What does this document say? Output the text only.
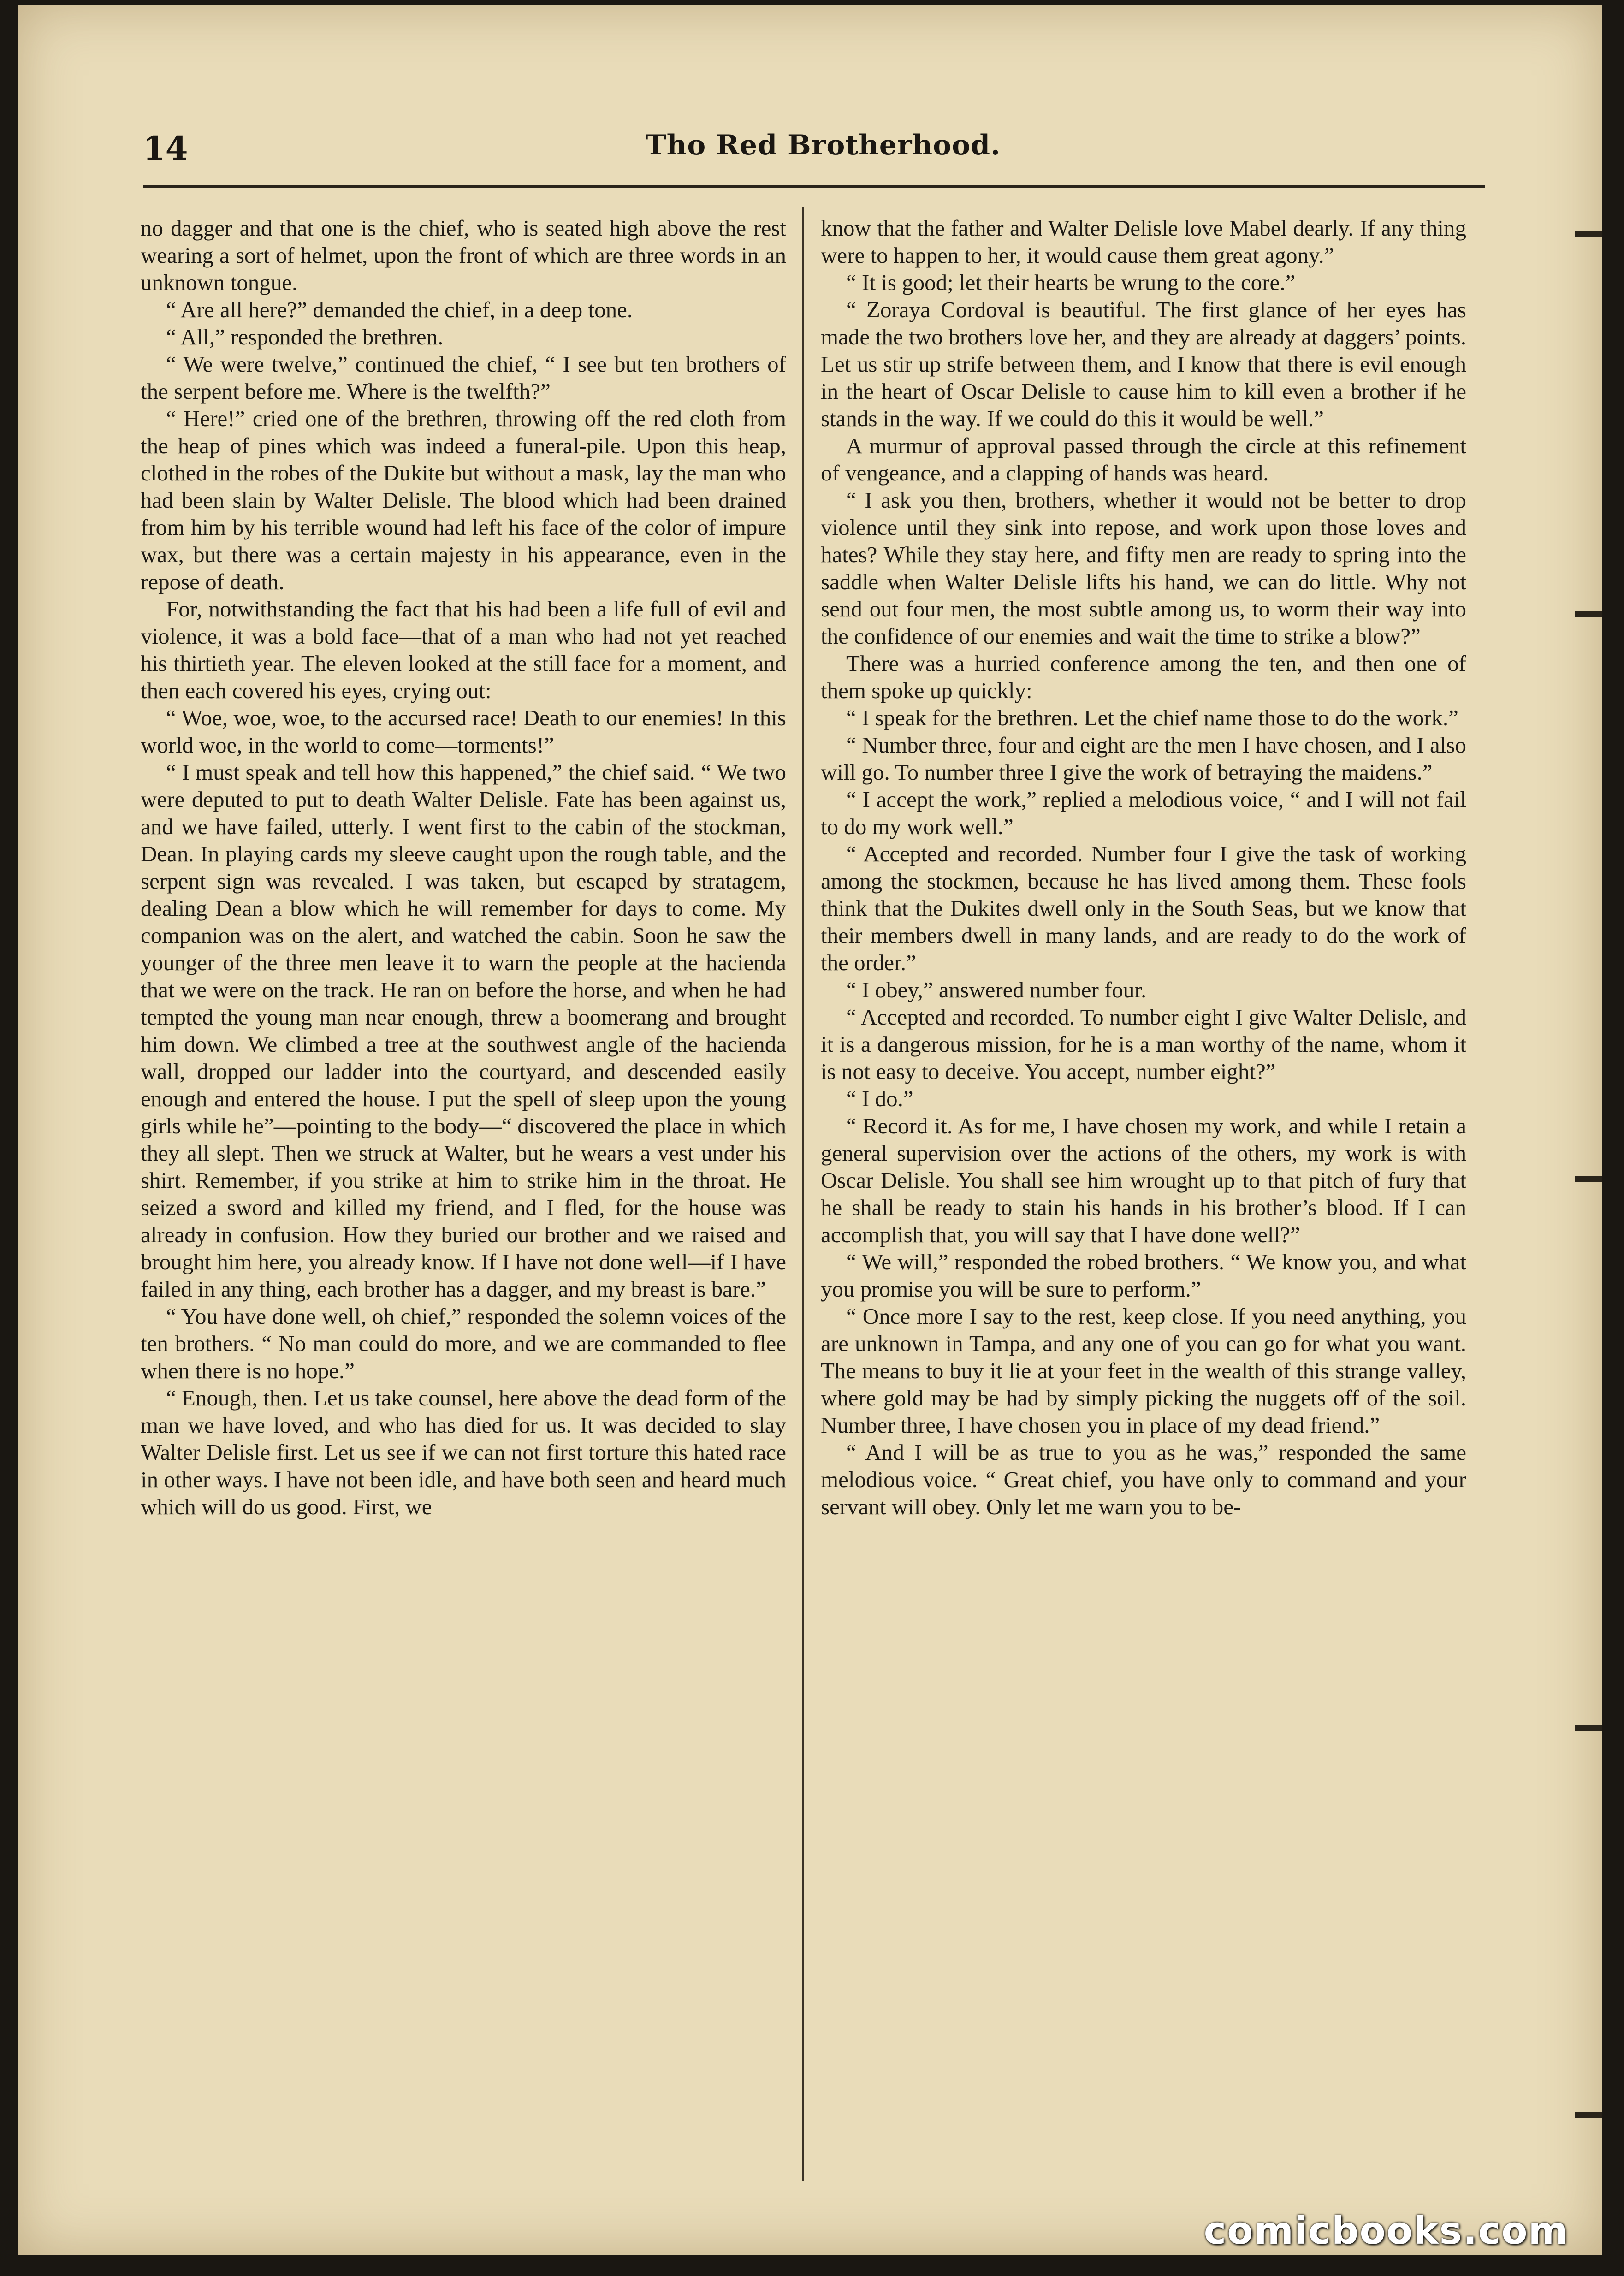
14	Tho Red Brotherhood.

no dagger and that one is the chief, who is seated high above the rest wearing a sort of helmet, upon the front of which are three words in an unknown tongue.

“ Are all here?” demanded the chief, in a deep tone.

“ All,” responded the brethren.

“ We were twelve,” continued the chief, “ I see but ten brothers of the serpent before me. Where is the twelfth?”

“ Here!” cried one of the brethren, throwing off the red cloth from the heap of pines which was indeed a funeral-pile. Upon this heap, clothed in the robes of the Dukite but without a mask, lay the man who had been slain by Walter Delisle. The blood which had been drained from him by his terrible wound had left his face of the color of impure wax, but there was a certain majesty in his appearance, even in the repose of death.

For, notwithstanding the fact that his had been a life full of evil and violence, it was a bold face—that of a man who had not yet reached his thirtieth year. The eleven looked at the still face for a moment, and then each covered his eyes, crying out:

“ Woe, woe, woe, to the accursed race! Death to our enemies! In this world woe, in the world to come—torments!”

“ I must speak and tell how this happened,” the chief said. “ We two were deputed to put to death Walter Delisle. Fate has been against us, and we have failed, utterly. I went first to the cabin of the stockman, Dean. In playing cards my sleeve caught upon the rough table, and the serpent sign was revealed. I was taken, but escaped by stratagem, dealing Dean a blow which he will remember for days to come. My companion was on the alert, and watched the cabin. Soon he saw the younger of the three men leave it to warn the people at the hacienda that we were on the track. He ran on before the horse, and when he had tempted the young man near enough, threw a boomerang and brought him down. We climbed a tree at the southwest angle of the hacienda wall, dropped our ladder into the courtyard, and descended easily enough and entered the house. I put the spell of sleep upon the young girls while he”—pointing to the body—“ discovered the place in which they all slept. Then we struck at Walter, but he wears a vest under his shirt. Remember, if you strike at him to strike him in the throat. He seized a sword and killed my friend, and I fled, for the house was already in confusion. How they buried our brother and we raised and brought him here, you already know. If I have not done well—if I have failed in any thing, each brother has a dagger, and my breast is bare.”

“ You have done well, oh chief,” responded the solemn voices of the ten brothers. “ No man could do more, and we are commanded to flee when there is no hope.”

“ Enough, then. Let us take counsel, here above the dead form of the man we have loved, and who has died for us. It was decided to slay Walter Delisle first. Let us see if we can not first torture this hated race in other ways. I have not been idle, and have both seen and heard much which will do us good. First, we

know that the father and Walter Delisle love Mabel dearly. If any thing were to happen to her, it would cause them great agony.”

“ It is good; let their hearts be wrung to the core.”

“ Zoraya Cordoval is beautiful. The first glance of her eyes has made the two brothers love her, and they are already at daggers’ points. Let us stir up strife between them, and I know that there is evil enough in the heart of Oscar Delisle to cause him to kill even a brother if he stands in the way. If we could do this it would be well.”

A murmur of approval passed through the circle at this refinement of vengeance, and a clapping of hands was heard.

“ I ask you then, brothers, whether it would not be better to drop violence until they sink into repose, and work upon those loves and hates? While they stay here, and fifty men are ready to spring into the saddle when Walter Delisle lifts his hand, we can do little. Why not send out four men, the most subtle among us, to worm their way into the confidence of our enemies and wait the time to strike a blow?”

There was a hurried conference among the ten, and then one of them spoke up quickly:

“ I speak for the brethren. Let the chief name those to do the work.”

“ Number three, four and eight are the men I have chosen, and I also will go. To number three I give the work of betraying the maidens.”

“ I accept the work,” replied a melodious voice, “ and I will not fail to do my work well.”

“ Accepted and recorded. Number four I give the task of working among the stockmen, because he has lived among them. These fools think that the Dukites dwell only in the South Seas, but we know that their members dwell in many lands, and are ready to do the work of the order.”

“ I obey,” answered number four.

“ Accepted and recorded. To number eight I give Walter Delisle, and it is a dangerous mission, for he is a man worthy of the name, whom it is not easy to deceive. You accept, number eight?”

“ I do.”

“ Record it. As for me, I have chosen my work, and while I retain a general supervision over the actions of the others, my work is with Oscar Delisle. You shall see him wrought up to that pitch of fury that he shall be ready to stain his hands in his brother’s blood. If I can accomplish that, you will say that I have done well?”

“ We will,” responded the robed brothers. “ We know you, and what you promise you will be sure to perform.”

“ Once more I say to the rest, keep close. If you need anything, you are unknown in Tampa, and any one of you can go for what you want. The means to buy it lie at your feet in the wealth of this strange valley, where gold may be had by simply picking the nuggets off of the soil. Number three, I have chosen you in place of my dead friend.”

“ And I will be as true to you as he was,” responded the same melodious voice. “ Great chief, you have only to command and your servant will obey. Only let me warn you to be-

comicbooks.com
